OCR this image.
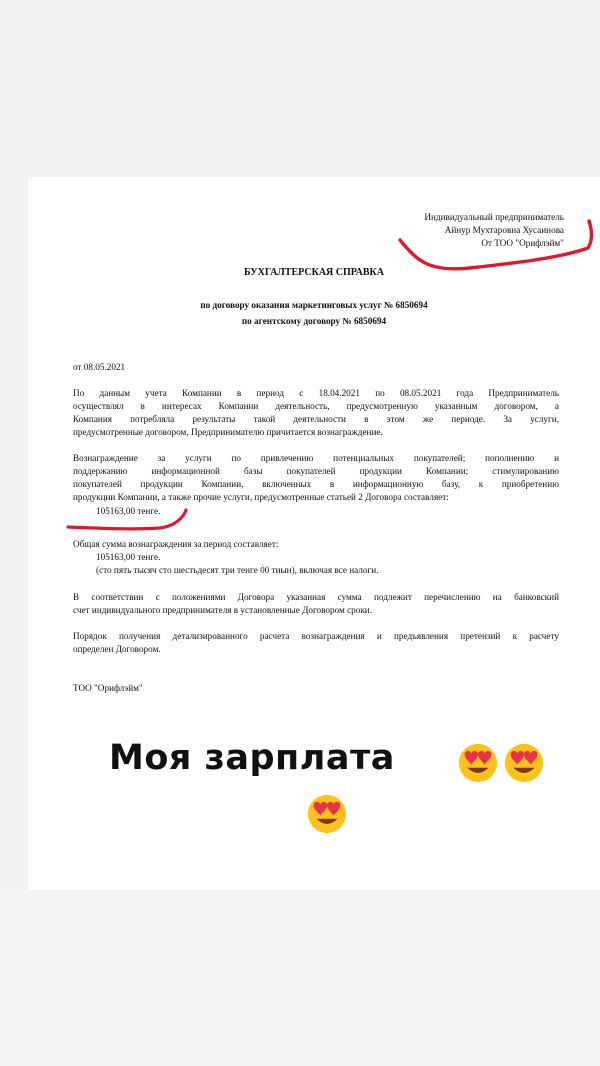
Индивидуальный предприниматель
Айнур Мухтаровна Хусаинова
От ТОО "Орифлэйм"
БУХГАЛТЕРСКАЯ СПРАВКА
по договору оказания маркетинговых услуг № 6850694
по агентскому договору № 6850694
от 08.05.2021
По данным учета Компании в период с 18.04.2021 по 08.05.2021 года Предприниматель
осуществлял в интересах Компании деятельность, предусмотренную указанным договором, а
Компания потребляла результаты такой деятельности в этом же периоде. За услуги,
предусмотренные договором, Предпринимателю причитается вознаграждение.
Вознаграждение за услуги по привлечению потенциальных покупателей; пополнению и
поддержанию информационной базы покупателей продукции Компании; стимулированию
покупателей продукции Компании, включенных в информационную базу, к приобретению
продукции Компании, а также прочие услуги, предусмотренные статьей 2 Договора составляет:
105163,00 тенге.
Общая сумма вознаграждения за период составляет:
105163,00 тенге.
(сто пять тысяч сто шестьдесят три тенге 00 тиын), включая все налоги.
В соответствии с положениями Договора указанная сумма подлежит перечислению на банковский
счет индивидуального предпринимателя в установленные Договором сроки.
Порядок получения детализированного расчета вознаграждения и предъявления претензий к расчету
определен Договором.
ТОО "Орифлэйм"
Моя зарплата
